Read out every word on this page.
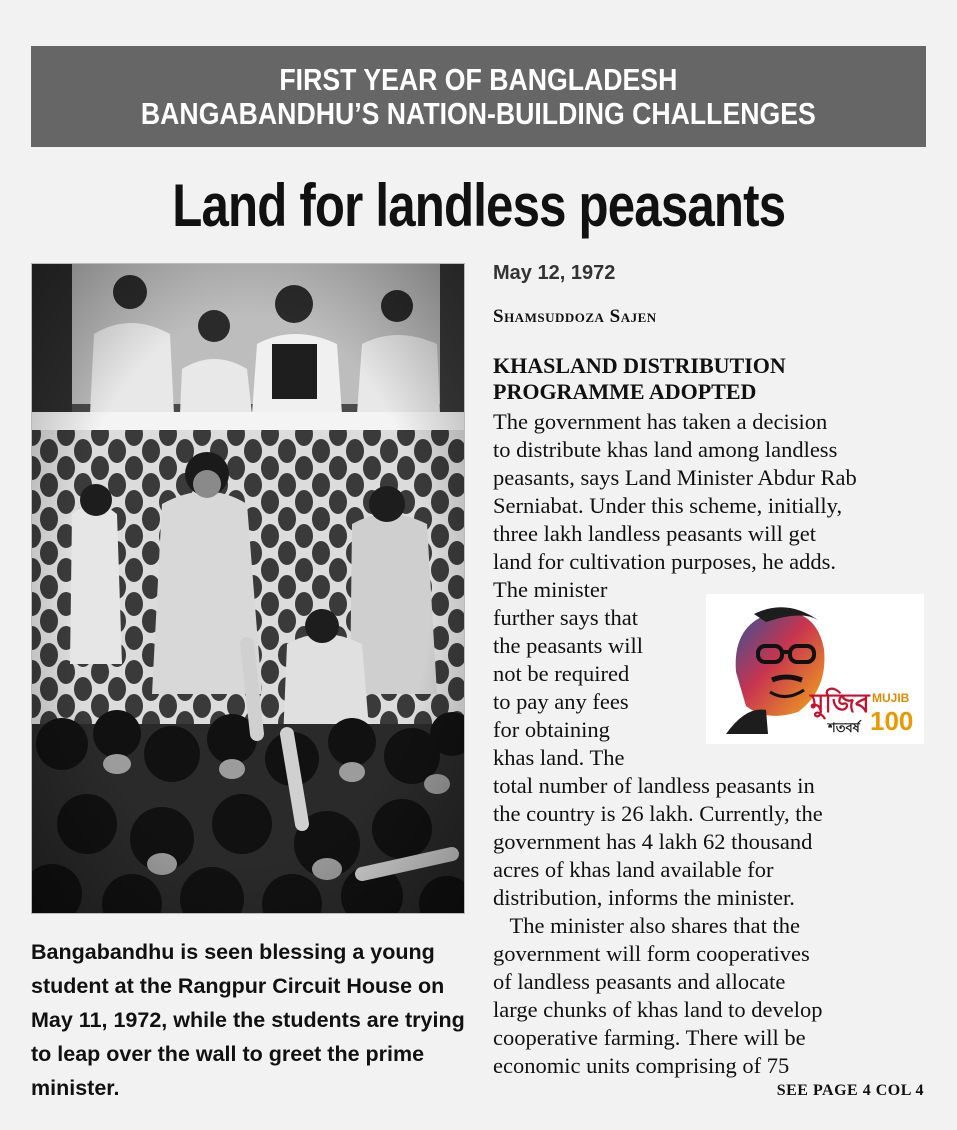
FIRST YEAR OF BANGLADESH
BANGABANDHU’S NATION-BUILDING CHALLENGES
Land for landless peasants
Bangabandhu is seen blessing a young student at the Rangpur Circuit House on May 11, 1972, while the students are trying to leap over the wall to greet the prime minister.
May 12, 1972
Shamsuddoza Sajen
KHASLAND DISTRIBUTION
PROGRAMME ADOPTED
The government has taken a decision
to distribute khas land among landless
peasants, says Land Minister Abdur Rab
Serniabat. Under this scheme, initially,
three lakh landless peasants will get
land for cultivation purposes, he adds.
The minister
further says that
the peasants will
not be required
to pay any fees
for obtaining
khas land. The
মুজিব
শতবর্ষ
MUJIB
100
total number of landless peasants in
the country is 26 lakh. Currently, the
government has 4 lakh 62 thousand
acres of khas land available for
distribution, informs the minister.
The minister also shares that the
government will form cooperatives
of landless peasants and allocate
large chunks of khas land to develop
cooperative farming. There will be
economic units comprising of 75
SEE PAGE 4 COL 4
